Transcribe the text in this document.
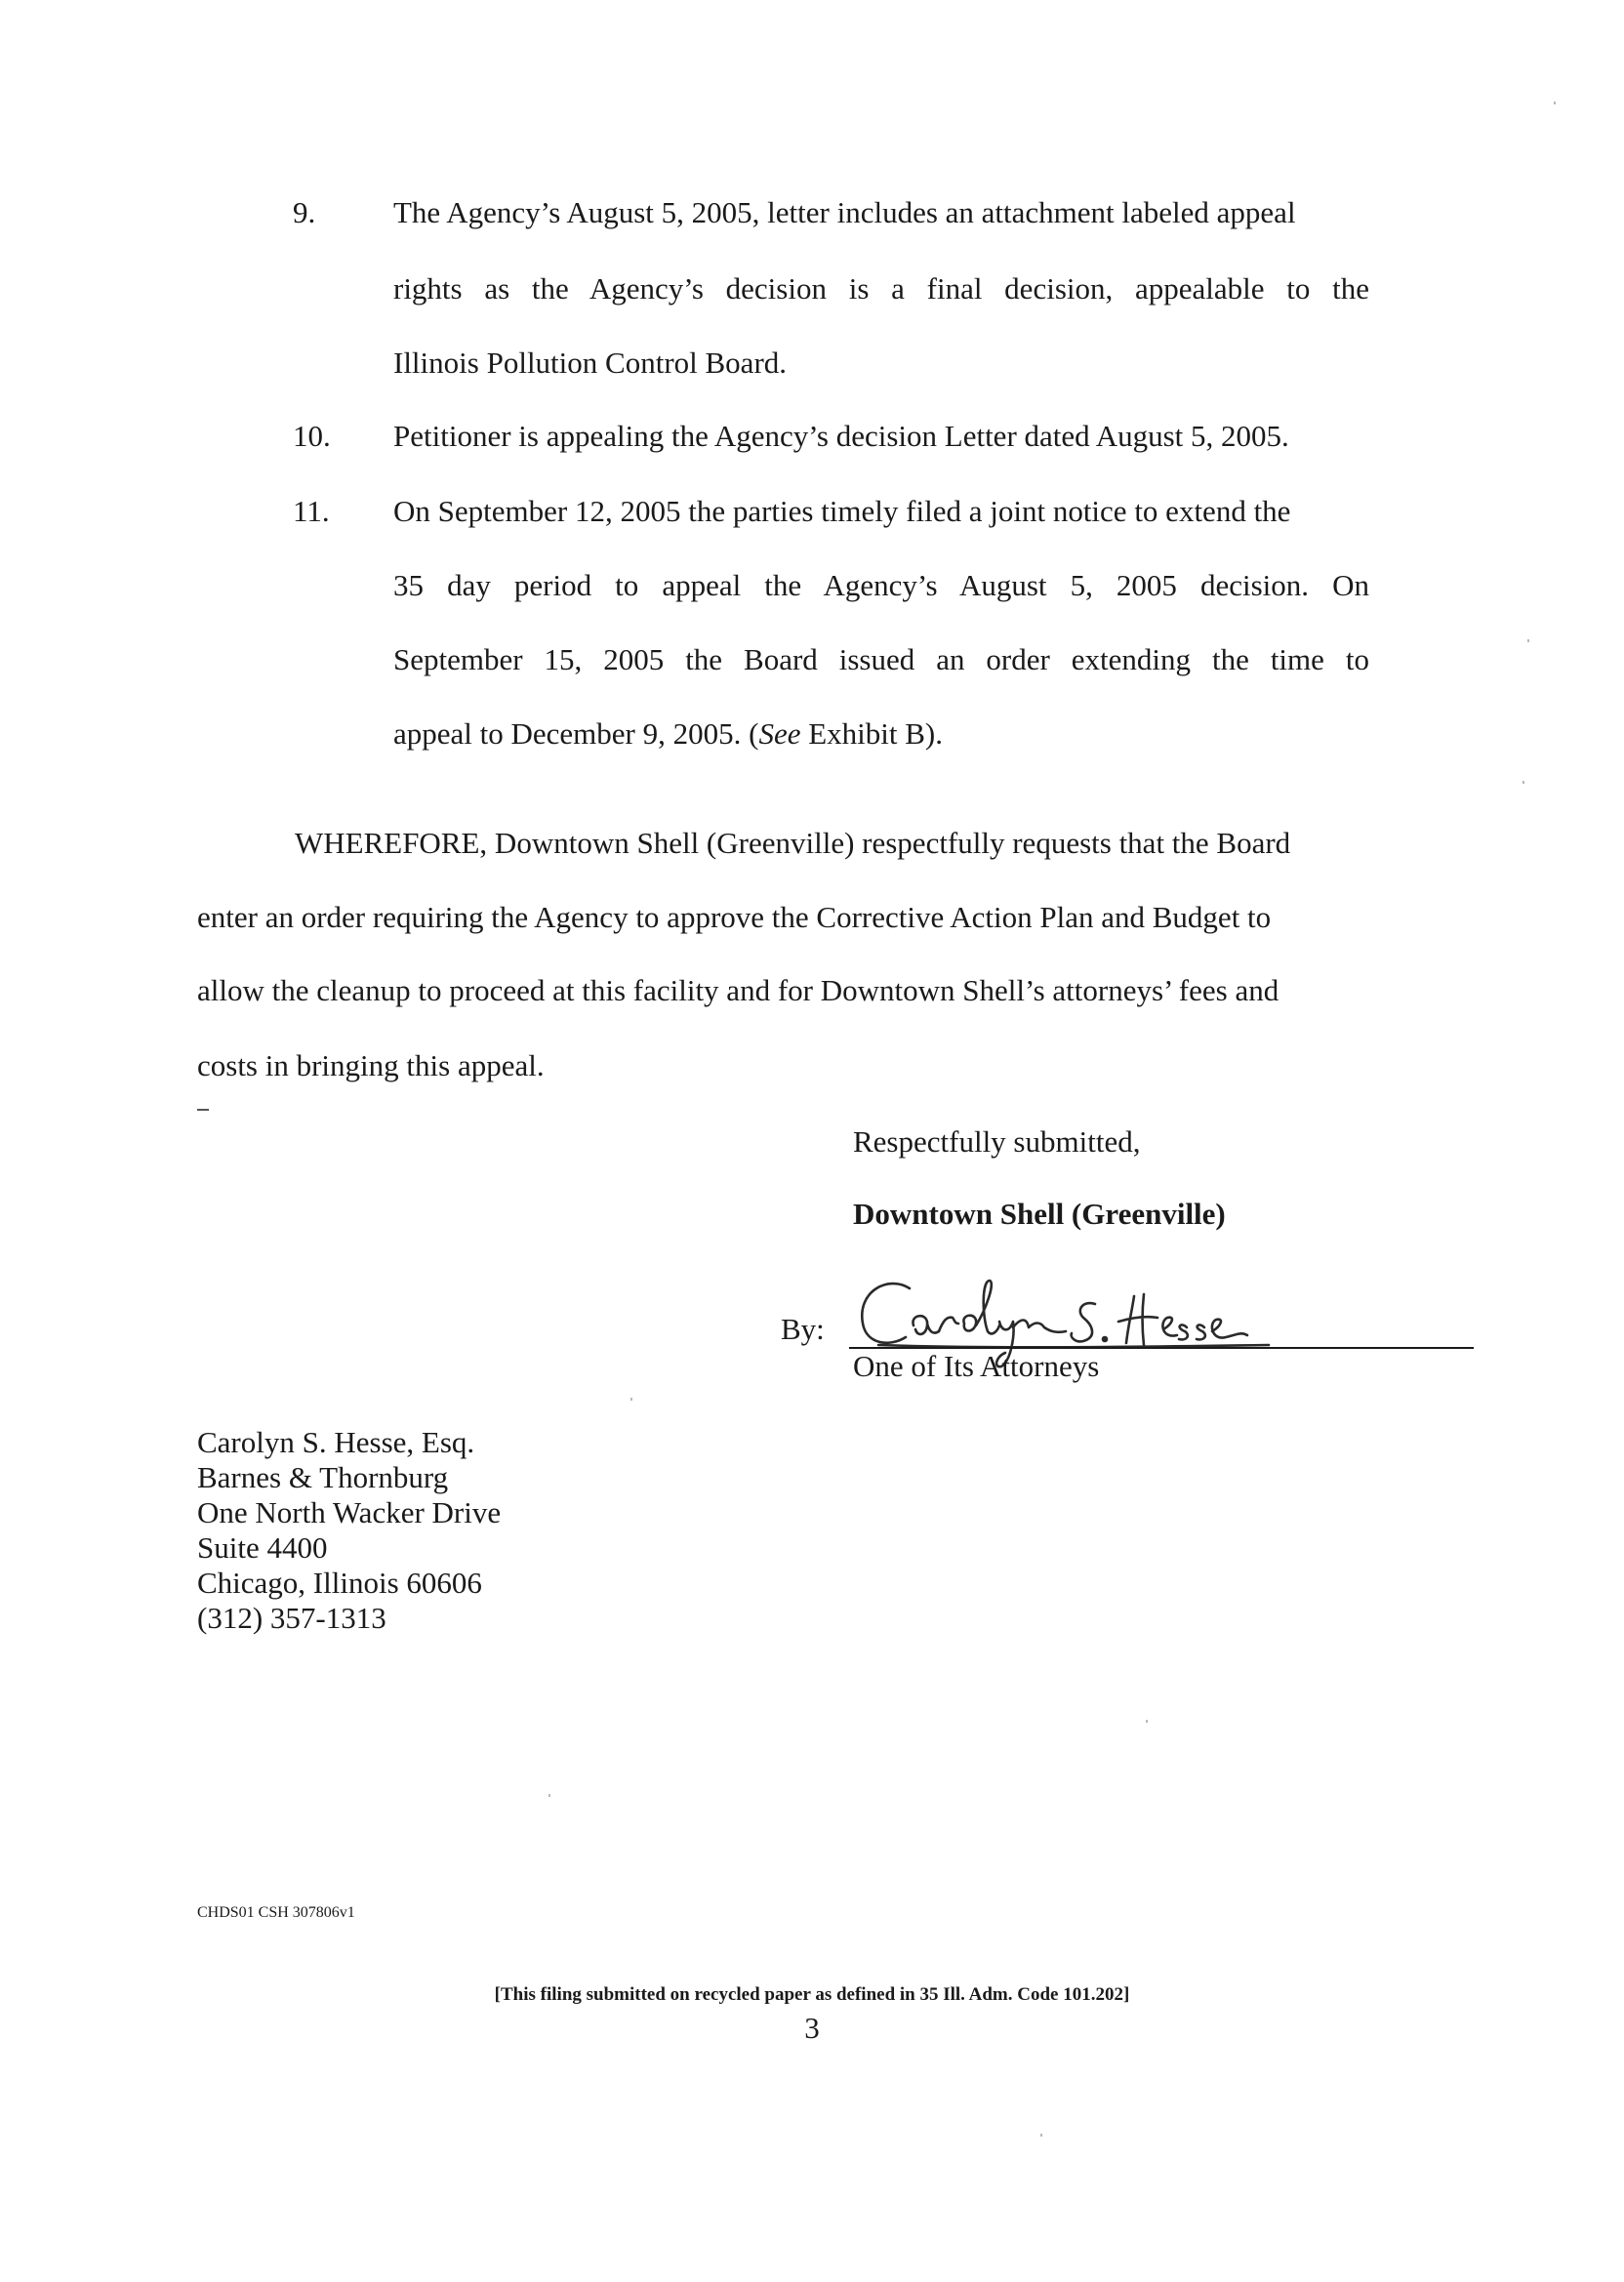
9.	The Agency’s August 5, 2005, letter includes an attachment labeled appeal
rights as the Agency’s decision is a final decision, appealable to the
Illinois Pollution Control Board.
10. Petitioner is appealing the Agency’s decision Letter dated August 5, 2005.
11. On September 12, 2005 the parties timely filed a joint notice to extend the
35 day period to appeal the Agency’s August 5, 2005 decision. On
September 15, 2005 the Board issued an order extending the time to
appeal to December 9, 2005. (See Exhibit B).
WHEREFORE, Downtown Shell (Greenville) respectfully requests that the Board
enter an order requiring the Agency to approve the Corrective Action Plan and Budget to
allow the cleanup to proceed at this facility and for Downtown Shell’s attorneys’ fees and
costs in bringing this appeal.
Respectfully submitted,
Downtown Shell (Greenville)
By:
One of Its Attorneys
Carolyn S. Hesse, Esq.
Barnes & Thornburg
One North Wacker Drive
Suite 4400
Chicago, Illinois 60606
(312) 357-1313
CHDS01 CSH 307806v1
[This filing submitted on recycled paper as defined in 35 Ill. Adm. Code 101.202]
3
